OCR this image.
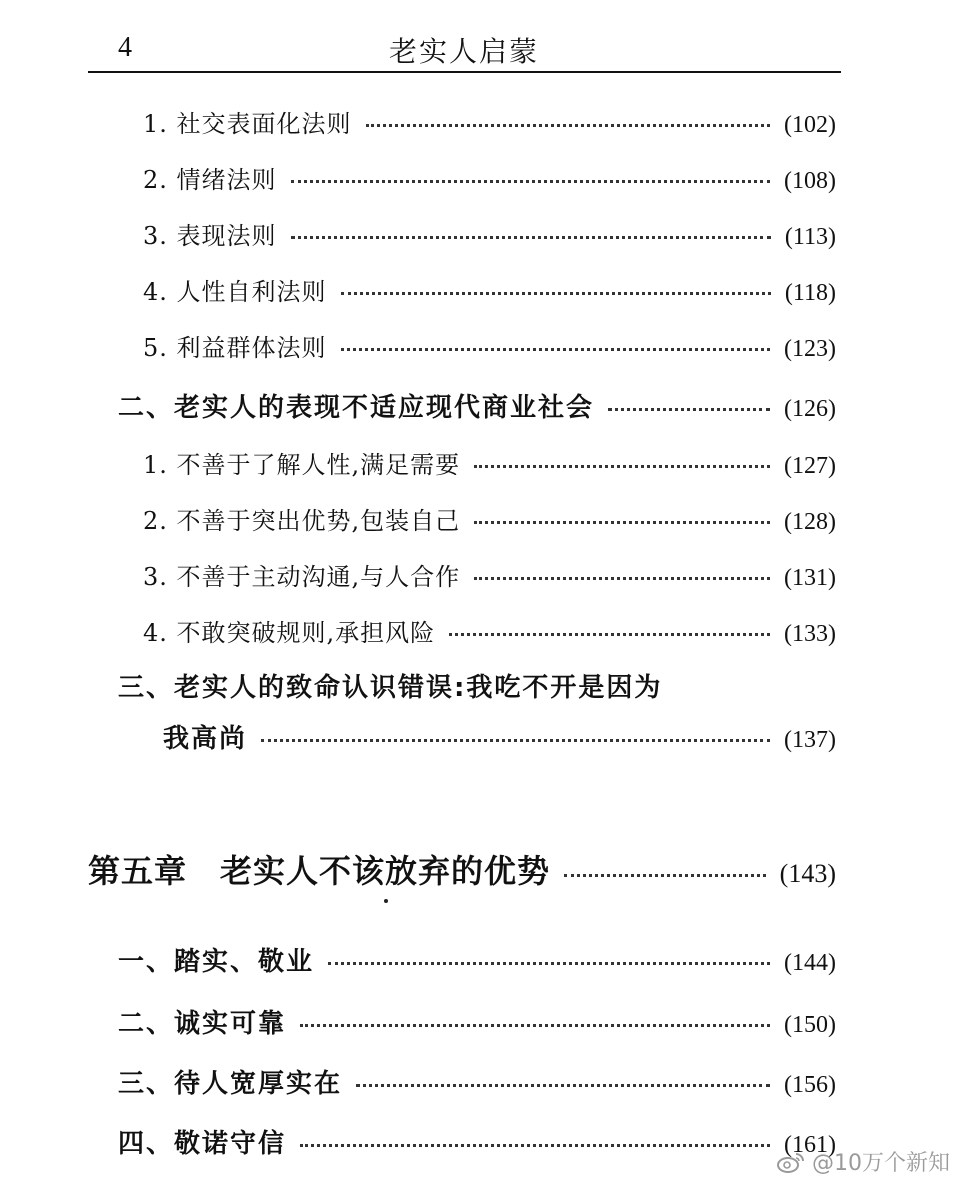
4	老实人启蒙
1. 社交表面化法则	(102)
2. 情绪法则	(108)
3. 表现法则	(113)
4. 人性自利法则	(118)
5. 利益群体法则	(123)
二、老实人的表现不适应现代商业社会	(126)
1. 不善于了解人性,满足需要	(127)
2. 不善于突出优势,包装自己	(128)
3. 不善于主动沟通,与人合作	(131)
4. 不敢突破规则,承担风险	(133)
三、老实人的致命认识错误:我吃不开是因为
我高尚	(137)
第五章　老实人不该放弃的优势	(143)
一、踏实、敬业	(144)
二、诚实可靠	(150)
三、待人宽厚实在	(156)
四、敬诺守信	(161)
@10万个新知
